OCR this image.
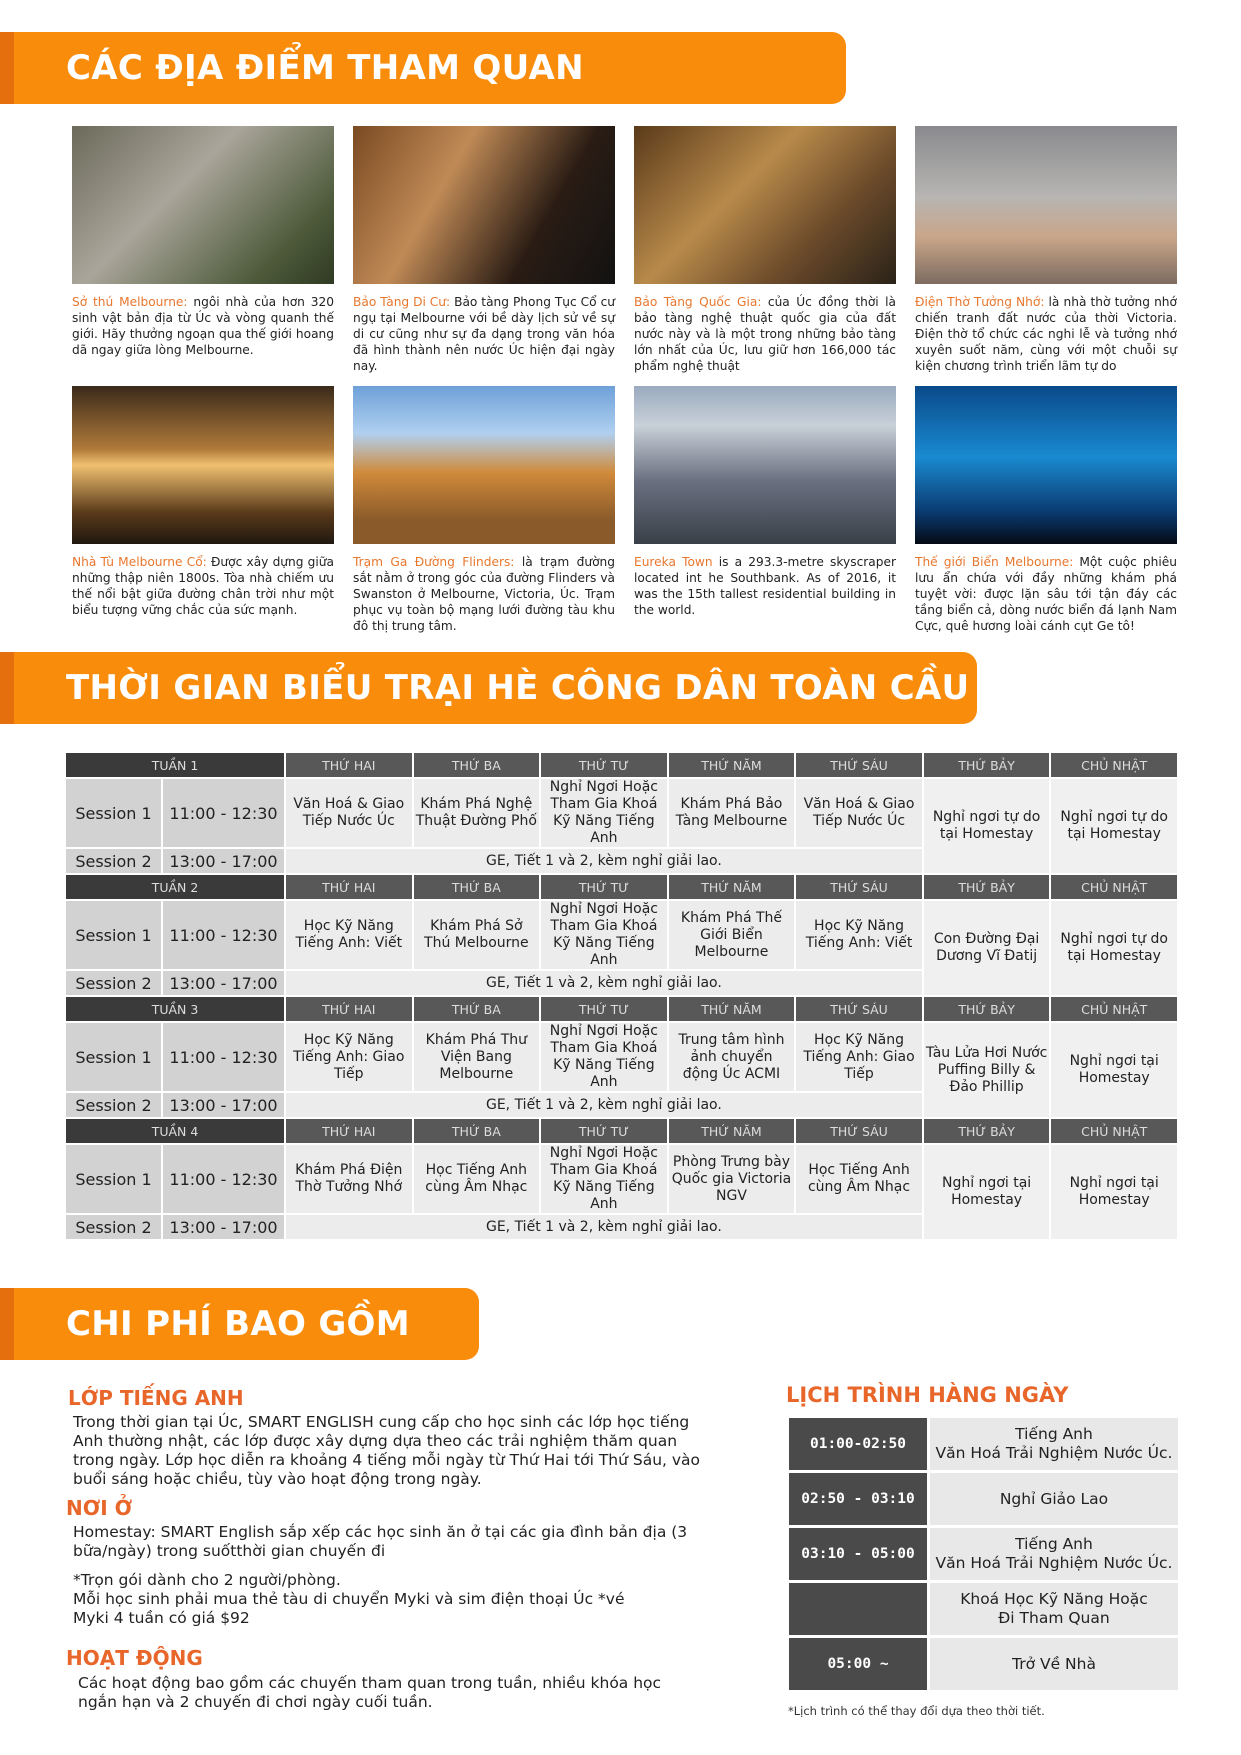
CÁC ĐỊA ĐIỂM THAM QUAN
Sở thú Melbourne: ngôi nhà của hơn 320 sinh vật bản địa từ Úc và vòng quanh thế giới. Hãy thưởng ngoạn qua thế giới hoang dã ngay giữa lòng Melbourne.
Bảo Tàng Di Cư: Bảo tàng Phong Tục Cổ cư ngụ tại Melbourne với bề dày lịch sử về sự di cư cũng như sự đa dạng trong văn hóa đã hình thành nên nước Úc hiện đại ngày nay.
Bảo Tàng Quốc Gia: của Úc đồng thời là bảo tàng nghệ thuật quốc gia của đất nước này và là một trong những bảo tàng lớn nhất của Úc, lưu giữ hơn 166,000 tác phẩm nghệ thuật
Điện Thờ Tưởng Nhớ: là nhà thờ tưởng nhớ chiến tranh đất nước của thời Victoria. Điện thờ tổ chức các nghi lễ và tưởng nhớ xuyên suốt năm, cùng với một chuỗi sự kiện chương trình triển lãm tự do
Nhà Tù Melbourne Cổ: Được xây dựng giữa những thập niên 1800s. Tòa nhà chiếm ưu thế nổi bật giữa đường chân trời như một biểu tượng vững chắc của sức mạnh.
Trạm Ga Đường Flinders: là trạm đường sắt nằm ở trong góc của đường Flinders và Swanston ở Melbourne, Victoria, Úc. Trạm phục vụ toàn bộ mạng lưới đường tàu khu đô thị trung tâm.
Eureka Town is a 293.3-metre skyscraper located int he Southbank. As of 2016, it was the 15th tallest residential building in the world.
Thế giới Biển Melbourne: Một cuộc phiêu lưu ẩn chứa với đầy những khám phá tuyệt vời: được lặn sâu tới tận đáy các tầng biển cả, dòng nước biển đá lạnh Nam Cực, quê hương loài cánh cụt Ge tô!
THỜI GIAN BIỂU TRẠI HÈ CÔNG DÂN TOÀN CẦU
TUẦN 1		THỨ HAI	THỨ BA	THỨ TƯ	THỨ NĂM	THỨ SÁU	THỨ BẢY	CHỦ NHẬT
Session 1	11:00 - 12:30	Văn Hoá & Giao Tiếp Nước Úc	Khám Phá Nghệ Thuật Đường Phố	Nghỉ Ngơi Hoặc Tham Gia Khoá Kỹ Năng Tiếng Anh	Khám Phá Bảo Tàng Melbourne	Văn Hoá & Giao Tiếp Nước Úc	Nghỉ ngơi tự do tại Homestay	Nghỉ ngơi tự do tại Homestay
Session 2	13:00 - 17:00	GE, Tiết 1 và 2, kèm nghỉ giải lao.						
TUẦN 2		THỨ HAI	THỨ BA	THỨ TƯ	THỨ NĂM	THỨ SÁU	THỨ BẢY	CHỦ NHẬT
Session 1	11:00 - 12:30	Học Kỹ Năng Tiếng Anh: Viết	Khám Phá Sở Thú Melbourne	Nghỉ Ngơi Hoặc Tham Gia Khoá Kỹ Năng Tiếng Anh	Khám Phá Thế Giới Biển Melbourne	Học Kỹ Năng Tiếng Anh: Viết	Con Đường Đại Dương Vĩ Đatij	Nghỉ ngơi tự do tại Homestay
Session 2	13:00 - 17:00	GE, Tiết 1 và 2, kèm nghỉ giải lao.						
TUẦN 3		THỨ HAI	THỨ BA	THỨ TƯ	THỨ NĂM	THỨ SÁU	THỨ BẢY	CHỦ NHẬT
Session 1	11:00 - 12:30	Học Kỹ Năng Tiếng Anh: Giao Tiếp	Khám Phá Thư Viện Bang Melbourne	Nghỉ Ngơi Hoặc Tham Gia Khoá Kỹ Năng Tiếng Anh	Trung tâm hình ảnh chuyển động Úc ACMI	Học Kỹ Năng Tiếng Anh: Giao Tiếp	Tàu Lửa Hơi Nước Puffing Billy & Đảo Phillip	Nghỉ ngơi tại Homestay
Session 2	13:00 - 17:00	GE, Tiết 1 và 2, kèm nghỉ giải lao.						
TUẦN 4		THỨ HAI	THỨ BA	THỨ TƯ	THỨ NĂM	THỨ SÁU	THỨ BẢY	CHỦ NHẬT
Session 1	11:00 - 12:30	Khám Phá Điện Thờ Tưởng Nhớ	Học Tiếng Anh cùng Âm Nhạc	Nghỉ Ngơi Hoặc Tham Gia Khoá Kỹ Năng Tiếng Anh	Phòng Trưng bày Quốc gia Victoria NGV	Học Tiếng Anh cùng Âm Nhạc	Nghỉ ngơi tại Homestay	Nghỉ ngơi tại Homestay
Session 2	13:00 - 17:00	GE, Tiết 1 và 2, kèm nghỉ giải lao.						
CHI PHÍ BAO GỒM
LỚP TIẾNG ANH
Trong thời gian tại Úc, SMART ENGLISH cung cấp cho học sinh các lớp học tiếng Anh thường nhật, các lớp được xây dựng dựa theo các trải nghiệm thăm quan trong ngày. Lớp học diễn ra khoảng 4 tiếng mỗi ngày từ Thứ Hai tới Thứ Sáu, vào buổi sáng hoặc chiều, tùy vào hoạt động trong ngày.
NƠI Ở
Homestay: SMART English sắp xếp các học sinh ăn ở tại các gia đình bản địa (3 bữa/ngày) trong suốtthời gian chuyến đi
*Trọn gói dành cho 2 người/phòng.
Mỗi học sinh phải mua thẻ tàu di chuyển Myki và sim điện thoại Úc *vé Myki 4 tuần có giá $92
HOẠT ĐỘNG
Các hoạt động bao gồm các chuyến tham quan trong tuần, nhiều khóa học ngắn hạn và 2 chuyến đi chơi ngày cuối tuần.
LỊCH TRÌNH HÀNG NGÀY
01:00-02:50	Tiếng Anh
Văn Hoá Trải Nghiệm Nước Úc.

02:50 - 03:10	Nghỉ Giảo Lao

03:10 - 05:00	Tiếng Anh
Văn Hoá Trải Nghiệm Nước Úc.

	Khoá Học Kỹ Năng Hoặc
Đi Tham Quan

05:00 ~	Trở Về Nhà
*Lịch trình có thể thay đổi dựa theo thời tiết.
